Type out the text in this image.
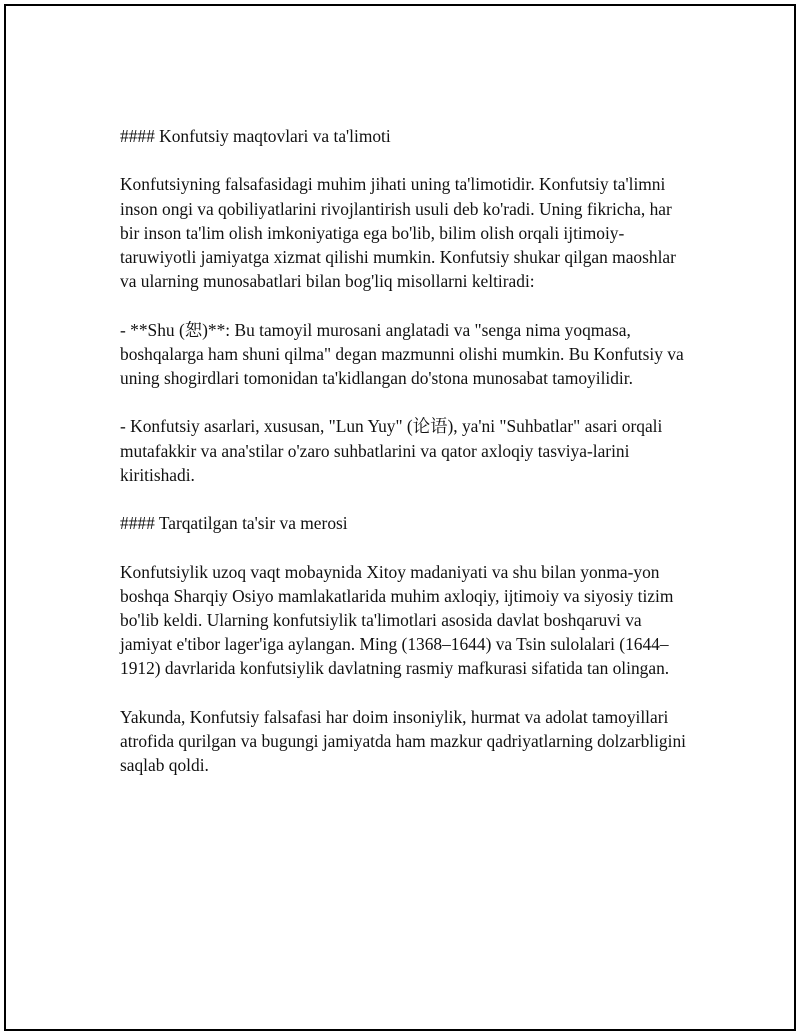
#### Konfutsiy maqtovlari va ta'limoti

Konfutsiyning falsafasidagi muhim jihati uning ta'limotidir. Konfutsiy ta'limni inson ongi va qobiliyatlarini rivojlantirish usuli deb ko'radi. Uning fikricha, har bir inson ta'lim olish imkoniyatiga ega bo'lib, bilim olish orqali ijtimoiy-taruwiyotli jamiyatga xizmat qilishi mumkin. Konfutsiy shukar qilgan maoshlar va ularning munosabatlari bilan bog'liq misollarni keltiradi:

- **Shu (恕)**: Bu tamoyil murosani anglatadi va "senga nima yoqmasa, boshqalarga ham shuni qilma" degan mazmunni olishi mumkin. Bu Konfutsiy va uning shogirdlari tomonidan ta'kidlangan do'stona munosabat tamoyilidir.

- Konfutsiy asarlari, xususan, "Lun Yuy" (论语), ya'ni "Suhbatlar" asari orqali mutafakkir va ana'stilar o'zaro suhbatlarini va qator axloqiy tasviya-larini kiritishadi.

#### Tarqatilgan ta'sir va merosi

Konfutsiylik uzoq vaqt mobaynida Xitoy madaniyati va shu bilan yonma-yon boshqa Sharqiy Osiyo mamlakatlarida muhim axloqiy, ijtimoiy va siyosiy tizim bo'lib keldi. Ularning konfutsiylik ta'limotlari asosida davlat boshqaruvi va jamiyat e'tibor lager'iga aylangan. Ming (1368–1644) va Tsin sulolalari (1644–1912) davrlarida konfutsiylik davlatning rasmiy mafkurasi sifatida tan olingan.

Yakunda, Konfutsiy falsafasi har doim insoniylik, hurmat va adolat tamoyillari atrofida qurilgan va bugungi jamiyatda ham mazkur qadriyatlarning dolzarbligini saqlab qoldi.
